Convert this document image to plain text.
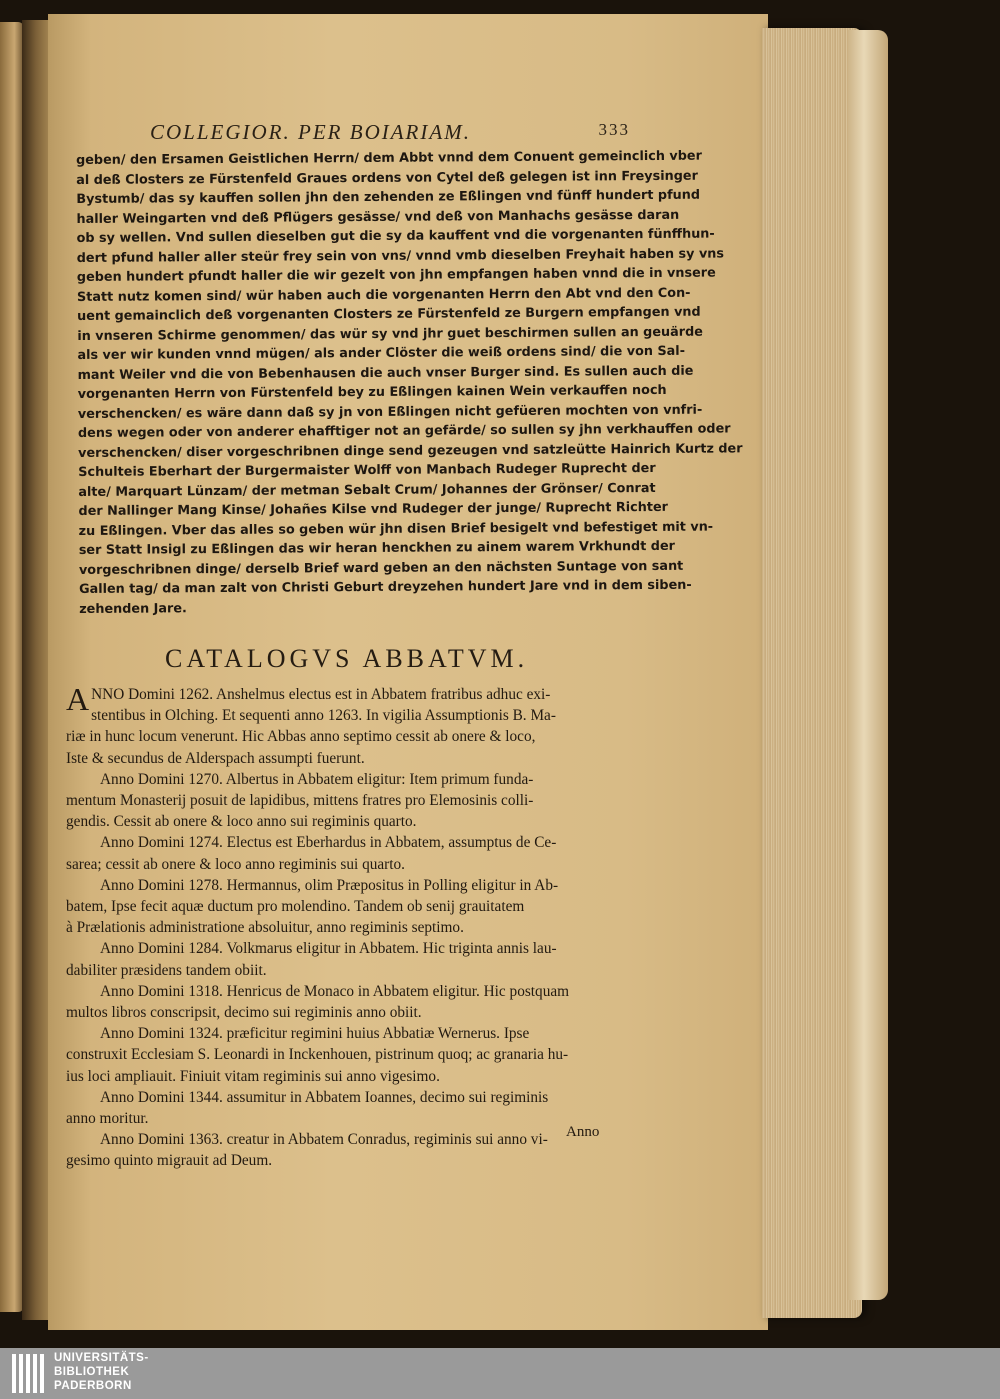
COLLEGIOR. PER BOIARIAM.	333
geben/ den Ersamen Geistlichen Herrn/ dem Abbt vnnd dem Conuent gemeinclich vber
al deß Closters ze Fürstenfeld Graues ordens von Cytel deß gelegen ist inn Freysinger
Bystumb/ das sy kauffen sollen jhn den zehenden ze Eßlingen vnd fünff hundert pfund
haller Weingarten vnd deß Pflügers gesässe/ vnd deß von Manhachs gesässe daran
ob sy wellen. Vnd sullen dieselben gut die sy da kauffent vnd die vorgenanten fünffhun-
dert pfund haller aller steür frey sein von vns/ vnnd vmb dieselben Freyhait haben sy vns
geben hundert pfundt haller die wir gezelt von jhn empfangen haben vnnd die in vnsere
Statt nutz komen sind/ wür haben auch die vorgenanten Herrn den Abt vnd den Con-
uent gemainclich deß vorgenanten Closters ze Fürstenfeld ze Burgern empfangen vnd
in vnseren Schirme genommen/ das wür sy vnd jhr guet beschirmen sullen an geuärde
als ver wir kunden vnnd mügen/ als ander Clöster die weiß ordens sind/ die von Sal-
mant Weiler vnd die von Bebenhausen die auch vnser Burger sind. Es sullen auch die
vorgenanten Herrn von Fürstenfeld bey zu Eßlingen kainen Wein verkauffen noch
verschencken/ es wäre dann daß sy jn von Eßlingen nicht gefüeren mochten von vnfri-
dens wegen oder von anderer ehafftiger not an gefärde/ so sullen sy jhn verkhauffen oder
verschencken/ diser vorgeschribnen dinge send gezeugen vnd satzleütte Hainrich Kurtz der
Schulteis Eberhart der Burgermaister Wolff von Manbach Rudeger Ruprecht der
alte/ Marquart Lünzam/ der metman Sebalt Crum/ Johannes der Grönser/ Conrat
der Nallinger Mang Kinse/ Johañes Kilse vnd Rudeger der junge/ Ruprecht Richter
zu Eßlingen. Vber das alles so geben wür jhn disen Brief besigelt vnd befestiget mit vn-
ser Statt Insigl zu Eßlingen das wir heran henckhen zu ainem warem Vrkhundt der
vorgeschribnen dinge/ derselb Brief ward geben an den nächsten Suntage von sant
Gallen tag/ da man zalt von Christi Geburt dreyzehen hundert Jare vnd in dem siben-
zehenden Jare.
CATALOGVS ABBATVM.

ANNO Domini 1262. Anshelmus electus est in Abbatem fratribus adhuc exi-

stentibus in Olching. Et sequenti anno 1263. In vigilia Assumptionis B. Ma-

riæ in hunc locum venerunt. Hic Abbas anno septimo cessit ab onere & loco,

Iste & secundus de Alderspach assumpti fuerunt.

Anno Domini 1270. Albertus in Abbatem eligitur: Item primum funda-

mentum Monasterij posuit de lapidibus, mittens fratres pro Elemosinis colli-

gendis. Cessit ab onere & loco anno sui regiminis quarto.

Anno Domini 1274. Electus est Eberhardus in Abbatem, assumptus de Ce-

sarea; cessit ab onere & loco anno regiminis sui quarto.

Anno Domini 1278. Hermannus, olim Præpositus in Polling eligitur in Ab-

batem, Ipse fecit aquæ ductum pro molendino. Tandem ob senij grauitatem

à Prælationis administratione absoluitur, anno regiminis septimo.

Anno Domini 1284. Volkmarus eligitur in Abbatem. Hic triginta annis lau-

dabiliter præsidens tandem obiit.

Anno Domini 1318. Henricus de Monaco in Abbatem eligitur. Hic postquam

multos libros conscripsit, decimo sui regiminis anno obiit.

Anno Domini 1324. præficitur regimini huius Abbatiæ Wernerus. Ipse

construxit Ecclesiam S. Leonardi in Inckenhouen, pistrinum quoq; ac granaria hu-

ius loci ampliauit. Finiuit vitam regiminis sui anno vigesimo.

Anno Domini 1344. assumitur in Abbatem Ioannes, decimo sui regiminis

anno moritur.

Anno Domini 1363. creatur in Abbatem Conradus, regiminis sui anno vi-

gesimo quinto migrauit ad Deum.

Anno
UNIVERSITÄTS-
BIBLIOTHEK
PADERBORN
